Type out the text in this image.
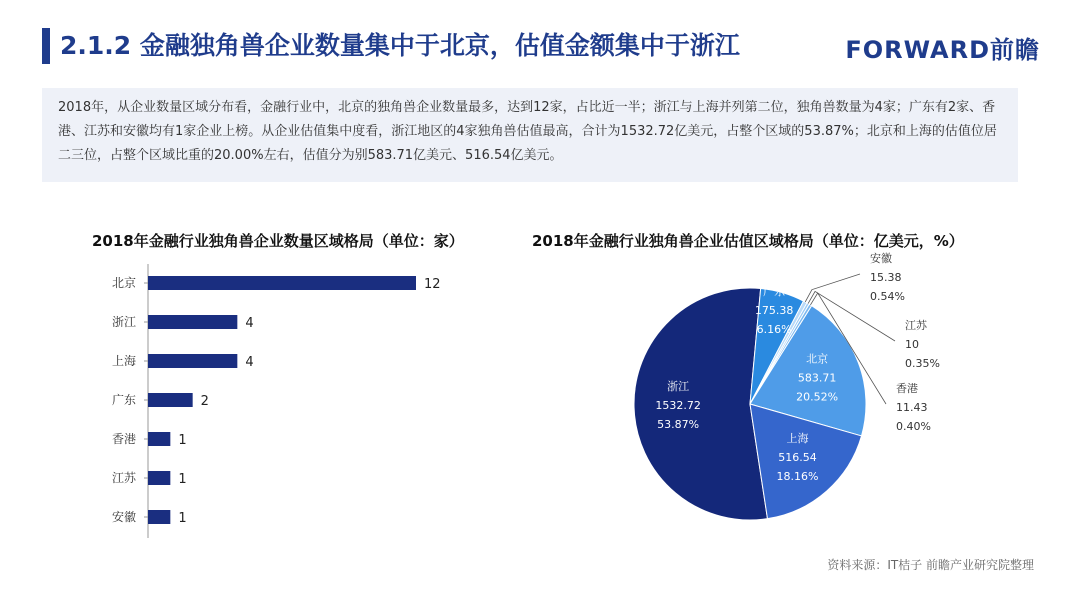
2.1.2 金融独角兽企业数量集中于北京，估值金额集中于浙江	FORWARD前瞻
2018年，从企业数量区域分布看，金融行业中，北京的独角兽企业数量最多，达到12家，占比近一半；浙江与上海并列第二位，独角兽数量为4家；广东有2家、香港、江苏和安徽均有1家企业上榜。从企业估值集中度看，浙江地区的4家独角兽估值最高，合计为1532.72亿美元，占整个区域的53.87%；北京和上海的估值位居二三位，占整个区域比重的20.00%左右，估值分为别583.71亿美元、516.54亿美元。
2018年金融行业独角兽企业数量区域格局（单位：家）	2018年金融行业独角兽企业估值区域格局（单位：亿美元，%）
北京	12
浙江	4
上海	4
广东	2
香港	1
江苏	1
安徽	1
浙江
1532.72
53.87%
上海
516.54
18.16%
北京
583.71
20.52%
广东
175.38
6.16%
安徽
15.38
0.54%
江苏
10
0.35%
香港
11.43
0.40%
资料来源：IT桔子 前瞻产业研究院整理
